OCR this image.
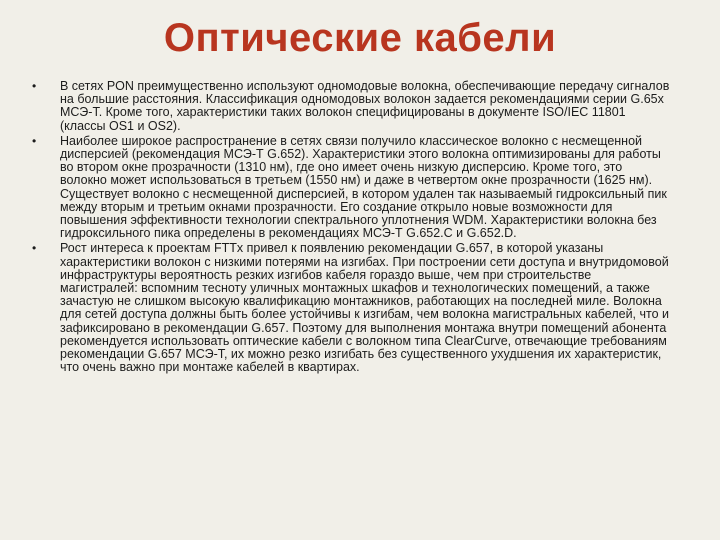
Оптические кабели
•	В сетях PON преимущественно используют одномодовые волокна, обеспечивающие передачу сигналов на большие расстояния. Классификация одномодовых волокон задается рекомендациями серии G.65x МСЭ-Т. Кроме того, характеристики таких волокон специфицированы в документе ISO/IEC 11801 (классы OS1 и OS2).
•	Наиболее широкое распространение в сетях связи получило классическое волокно с несмещенной дисперсией (рекомендация МСЭ-Т G.652). Характеристики этого волокна оптимизированы для работы во втором окне прозрачности (1310 нм), где оно имеет очень низкую дисперсию. Кроме того, это волокно может использоваться в третьем (1550 нм) и даже в четвертом окне прозрачности (1625 нм). Существует волокно с несмещенной дисперсией, в котором удален так называемый гидроксильный пик между вторым и третьим окнами прозрачности. Его создание открыло новые возможности для повышения эффективности технологии спектрального уплотнения WDM. Характеристики волокна без гидроксильного пика определены в рекомендациях МСЭ-Т G.652.C и G.652.D.
•	Рост интереса к проектам FTTx привел к появлению рекомендации G.657, в которой указаны характеристики волокон с низкими потерями на изгибах. При построении сети доступа и внутридомовой инфраструктуры вероятность резких изгибов кабеля гораздо выше, чем при строительстве магистралей: вспомним тесноту уличных монтажных шкафов и технологических помещений, а также зачастую не слишком высокую квалификацию монтажников, работающих на последней миле. Волокна для сетей доступа должны быть более устойчивы к изгибам, чем волокна магистральных кабелей, что и зафиксировано в рекомендации G.657. Поэтому для выполнения монтажа внутри помещений абонента рекомендуется использовать оптические кабели с волокном типа ClearCurve, отвечающие требованиям рекомендации G.657 МСЭ-Т, их можно резко изгибать без существенного ухудшения их характеристик, что очень важно при монтаже кабелей в квартирах.
